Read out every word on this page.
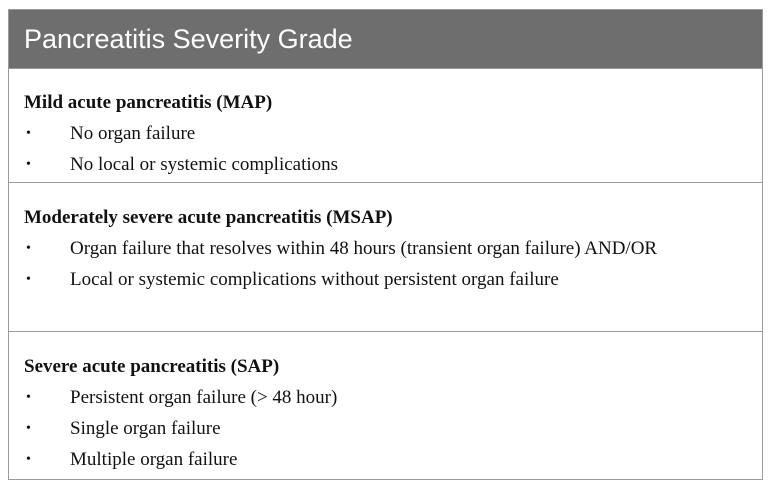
Pancreatitis Severity Grade
Mild acute pancreatitis (MAP)
• No organ failure
• No local or systemic complications
Moderately severe acute pancreatitis (MSAP)
• Organ failure that resolves within 48 hours (transient organ failure) AND/OR
• Local or systemic complications without persistent organ failure
Severe acute pancreatitis (SAP)
• Persistent organ failure (> 48 hour)
• Single organ failure
• Multiple organ failure
